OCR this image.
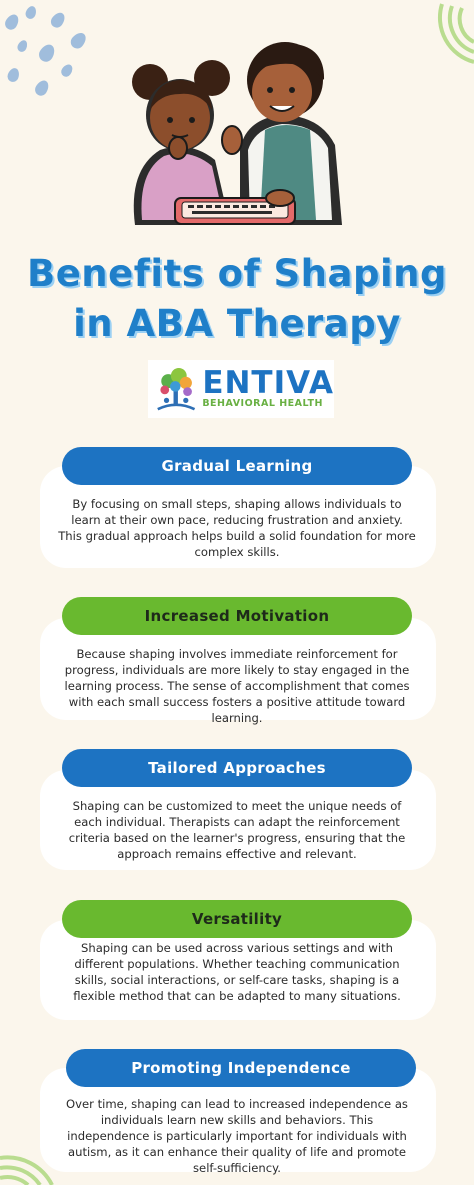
Benefits of Shaping
in ABA Therapy
ENTIVA
BEHAVIORAL HEALTH
Gradual Learning
By focusing on small steps, shaping allows individuals to learn at their own pace, reducing frustration and anxiety. This gradual approach helps build a solid foundation for more complex skills.
Increased Motivation
Because shaping involves immediate reinforcement for progress, individuals are more likely to stay engaged in the learning process. The sense of accomplishment that comes with each small success fosters a positive attitude toward learning.
Tailored Approaches
Shaping can be customized to meet the unique needs of each individual. Therapists can adapt the reinforcement criteria based on the learner's progress, ensuring that the approach remains effective and relevant.
Versatility
Shaping can be used across various settings and with different populations. Whether teaching communication skills, social interactions, or self-care tasks, shaping is a flexible method that can be adapted to many situations.
Promoting Independence
Over time, shaping can lead to increased independence as individuals learn new skills and behaviors. This independence is particularly important for individuals with autism, as it can enhance their quality of life and promote self-sufficiency.
